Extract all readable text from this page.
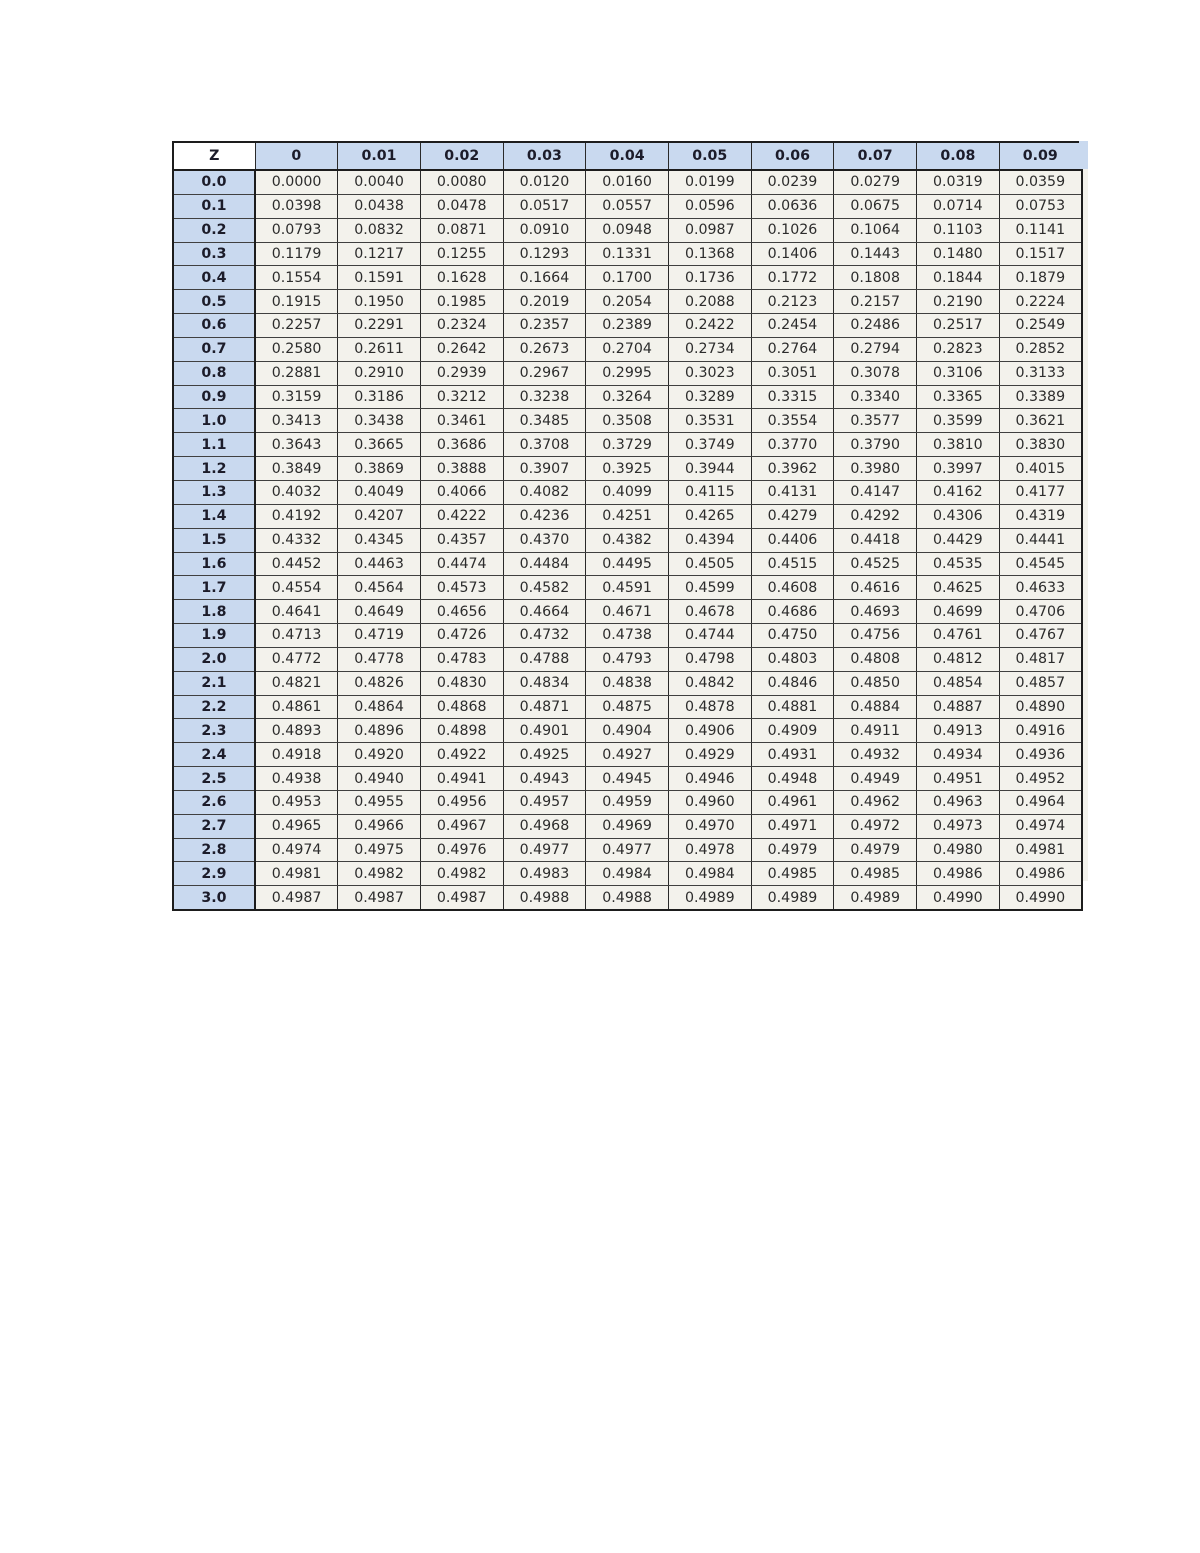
Z	0	0.01	0.02	0.03	0.04	0.05	0.06	0.07	0.08	0.09
0.0	0.0000	0.0040	0.0080	0.0120	0.0160	0.0199	0.0239	0.0279	0.0319	0.0359
0.1	0.0398	0.0438	0.0478	0.0517	0.0557	0.0596	0.0636	0.0675	0.0714	0.0753
0.2	0.0793	0.0832	0.0871	0.0910	0.0948	0.0987	0.1026	0.1064	0.1103	0.1141
0.3	0.1179	0.1217	0.1255	0.1293	0.1331	0.1368	0.1406	0.1443	0.1480	0.1517
0.4	0.1554	0.1591	0.1628	0.1664	0.1700	0.1736	0.1772	0.1808	0.1844	0.1879
0.5	0.1915	0.1950	0.1985	0.2019	0.2054	0.2088	0.2123	0.2157	0.2190	0.2224
0.6	0.2257	0.2291	0.2324	0.2357	0.2389	0.2422	0.2454	0.2486	0.2517	0.2549
0.7	0.2580	0.2611	0.2642	0.2673	0.2704	0.2734	0.2764	0.2794	0.2823	0.2852
0.8	0.2881	0.2910	0.2939	0.2967	0.2995	0.3023	0.3051	0.3078	0.3106	0.3133
0.9	0.3159	0.3186	0.3212	0.3238	0.3264	0.3289	0.3315	0.3340	0.3365	0.3389
1.0	0.3413	0.3438	0.3461	0.3485	0.3508	0.3531	0.3554	0.3577	0.3599	0.3621
1.1	0.3643	0.3665	0.3686	0.3708	0.3729	0.3749	0.3770	0.3790	0.3810	0.3830
1.2	0.3849	0.3869	0.3888	0.3907	0.3925	0.3944	0.3962	0.3980	0.3997	0.4015
1.3	0.4032	0.4049	0.4066	0.4082	0.4099	0.4115	0.4131	0.4147	0.4162	0.4177
1.4	0.4192	0.4207	0.4222	0.4236	0.4251	0.4265	0.4279	0.4292	0.4306	0.4319
1.5	0.4332	0.4345	0.4357	0.4370	0.4382	0.4394	0.4406	0.4418	0.4429	0.4441
1.6	0.4452	0.4463	0.4474	0.4484	0.4495	0.4505	0.4515	0.4525	0.4535	0.4545
1.7	0.4554	0.4564	0.4573	0.4582	0.4591	0.4599	0.4608	0.4616	0.4625	0.4633
1.8	0.4641	0.4649	0.4656	0.4664	0.4671	0.4678	0.4686	0.4693	0.4699	0.4706
1.9	0.4713	0.4719	0.4726	0.4732	0.4738	0.4744	0.4750	0.4756	0.4761	0.4767
2.0	0.4772	0.4778	0.4783	0.4788	0.4793	0.4798	0.4803	0.4808	0.4812	0.4817
2.1	0.4821	0.4826	0.4830	0.4834	0.4838	0.4842	0.4846	0.4850	0.4854	0.4857
2.2	0.4861	0.4864	0.4868	0.4871	0.4875	0.4878	0.4881	0.4884	0.4887	0.4890
2.3	0.4893	0.4896	0.4898	0.4901	0.4904	0.4906	0.4909	0.4911	0.4913	0.4916
2.4	0.4918	0.4920	0.4922	0.4925	0.4927	0.4929	0.4931	0.4932	0.4934	0.4936
2.5	0.4938	0.4940	0.4941	0.4943	0.4945	0.4946	0.4948	0.4949	0.4951	0.4952
2.6	0.4953	0.4955	0.4956	0.4957	0.4959	0.4960	0.4961	0.4962	0.4963	0.4964
2.7	0.4965	0.4966	0.4967	0.4968	0.4969	0.4970	0.4971	0.4972	0.4973	0.4974
2.8	0.4974	0.4975	0.4976	0.4977	0.4977	0.4978	0.4979	0.4979	0.4980	0.4981
2.9	0.4981	0.4982	0.4982	0.4983	0.4984	0.4984	0.4985	0.4985	0.4986	0.4986
3.0	0.4987	0.4987	0.4987	0.4988	0.4988	0.4989	0.4989	0.4989	0.4990	0.4990
